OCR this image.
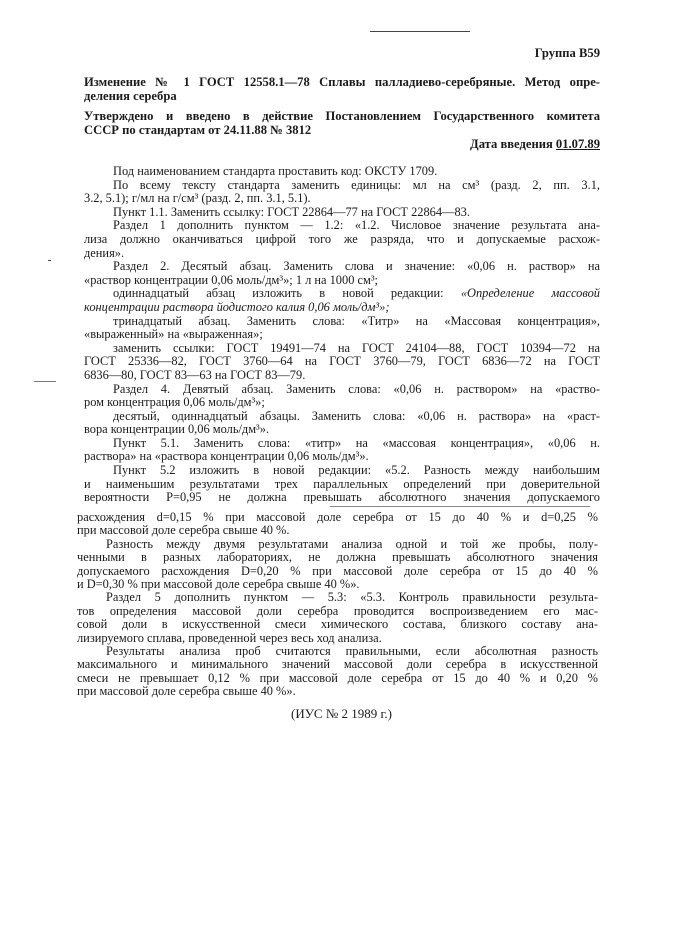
Группа В59
Изменение № 1 ГОСТ 12558.1—78 Сплавы палладиево-серебряные. Метод опре-
деления серебра
Утверждено и введено в действие Постановлением Государственного комитета
СССР по стандартам от 24.11.88 № 3812
Дата введения 01.07.89
Под наименованием стандарта проставить код: ОКСТУ 1709.
По всему тексту стандарта заменить единицы: мл на см³ (разд. 2, пп. 3.1,
3.2, 5.1); г/мл на г/см³ (разд. 2, пп. 3.1, 5.1).
Пункт 1.1. Заменить ссылку: ГОСТ 22864—77 на ГОСТ 22864—83.
Раздел 1 дополнить пунктом — 1.2: «1.2. Числовое значение результата ана-
лиза должно оканчиваться цифрой того же разряда, что и допускаемые расхож-
дения».
Раздел 2. Десятый абзац. Заменить слова и значение: «0,06 н. раствор» на
«раствор концентрации 0,06 моль/дм³»; 1 л на 1000 см³;
одиннадцатый абзац изложить в новой редакции: «Определение массовой
концентрации раствора йодистого калия 0,06 моль/дм³»;
тринадцатый абзац. Заменить слова: «Титр» на «Массовая концентрация»,
«выраженный» на «выраженная»;
заменить ссылки: ГОСТ 19491—74 на ГОСТ 24104—88, ГОСТ 10394—72 на
ГОСТ 25336—82, ГОСТ 3760—64 на ГОСТ 3760—79, ГОСТ 6836—72 на ГОСТ
6836—80, ГОСТ 83—63 на ГОСТ 83—79.
Раздел 4. Девятый абзац. Заменить слова: «0,06 н. раствором» на «раство-
ром концентрация 0,06 моль/дм³»;
десятый, одиннадцатый абзацы. Заменить слова: «0,06 н. раствора» на «раст-
вора концентрации 0,06 моль/дм³».
Пункт 5.1. Заменить слова: «титр» на «массовая концентрация», «0,06 н.
раствора» на «раствора концентрации 0,06 моль/дм³».
Пункт 5.2 изложить в новой редакции: «5.2. Разность между наибольшим
и наименьшим результатами трех параллельных определений при доверительной
вероятности P=0,95 не должна превышать абсолютного значения допускаемого
расхождения d=0,15 % при массовой доле серебра от 15 до 40 % и d=0,25 %
при массовой доле серебра свыше 40 %.
Разность между двумя результатами анализа одной и той же пробы, полу-
ченными в разных лабораториях, не должна превышать абсолютного значения
допускаемого расхождения D=0,20 % при массовой доле серебра от 15 до 40 %
и D=0,30 % при массовой доле серебра свыше 40 %».
Раздел 5 дополнить пунктом — 5.3: «5.3. Контроль правильности результа-
тов определения массовой доли серебра проводится воспроизведением его мас-
совой доли в искусственной смеси химического состава, близкого составу ана-
лизируемого сплава, проведенной через весь ход анализа.
Результаты анализа проб считаются правильными, если абсолютная разность
максимального и минимального значений массовой доли серебра в искусственной
смеси не превышает 0,12 % при массовой доле серебра от 15 до 40 % и 0,20 %
при массовой доле серебра свыше 40 %».
(ИУС № 2 1989 г.)
